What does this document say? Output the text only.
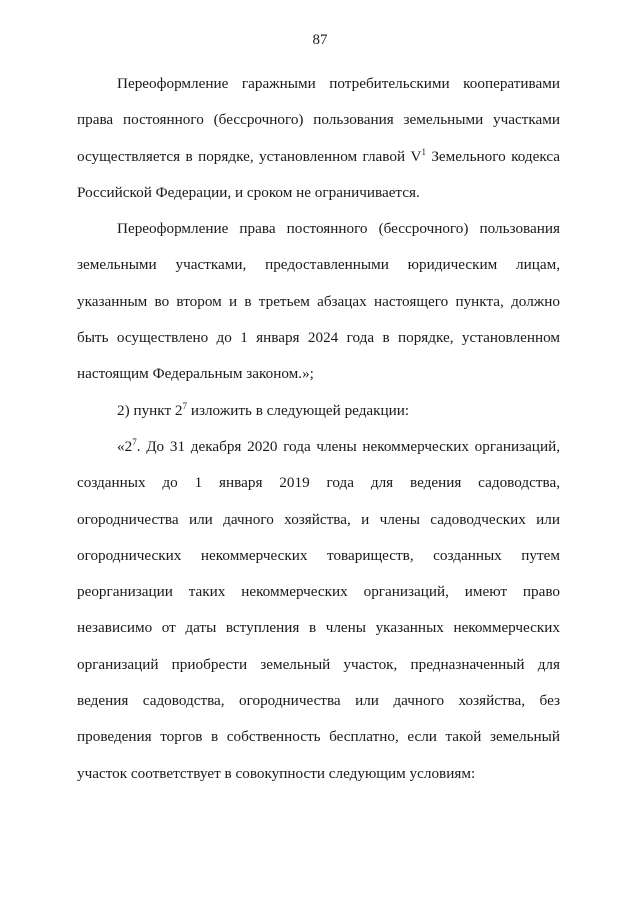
87

Переоформление гаражными потребительскими кооперативами права постоянного (бессрочного) пользования земельными участками осуществляется в порядке, установленном главой $V^1$ Земельного кодекса Российской Федерации, и сроком не ограничивается.

Переоформление права постоянного (бессрочного) пользования земельными участками, предоставленными юридическим лицам, указанным во втором и в третьем абзацах настоящего пункта, должно быть осуществлено до 1 января 2024 года в порядке, установленном настоящим Федеральным законом.»;

2) пункт $2^7$ изложить в следующей редакции:

«$2^7$. До 31 декабря 2020 года члены некоммерческих организаций, созданных до 1 января 2019 года для ведения садоводства, огородничества или дачного хозяйства, и члены садоводческих или огороднических некоммерческих товариществ, созданных путем реорганизации таких некоммерческих организаций, имеют право независимо от даты вступления в члены указанных некоммерческих организаций приобрести земельный участок, предназначенный для ведения садоводства, огородничества или дачного хозяйства, без проведения торгов в собственность бесплатно, если такой земельный участок соответствует в совокупности следующим условиям:
